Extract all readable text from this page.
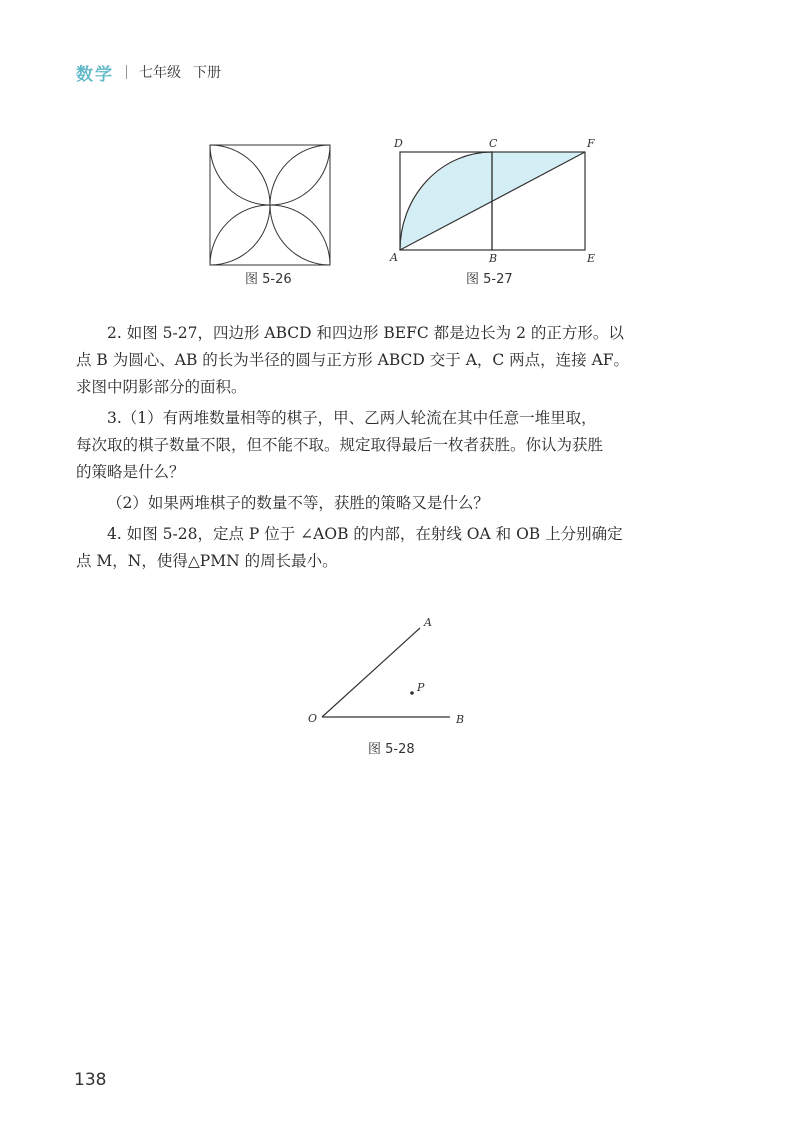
数学 七年级 下册
图 5-26
D	C	F
A	B	E
图 5-27

2. 如图 5-27，四边形 ABCD 和四边形 BEFC 都是边长为 2 的正方形。以

点 B 为圆心、AB 的长为半径的圆与正方形 ABCD 交于 A，C 两点，连接 AF。

求图中阴影部分的面积。

3.（1）有两堆数量相等的棋子，甲、乙两人轮流在其中任意一堆里取，

每次取的棋子数量不限，但不能不取。规定取得最后一枚者获胜。你认为获胜

的策略是什么？

（2）如果两堆棋子的数量不等，获胜的策略又是什么？

4. 如图 5-28，定点 P 位于 ∠AOB 的内部，在射线 OA 和 OB 上分别确定

点 M，N，使得△PMN 的周长最小。

A
P
O	B
图 5-28
138
